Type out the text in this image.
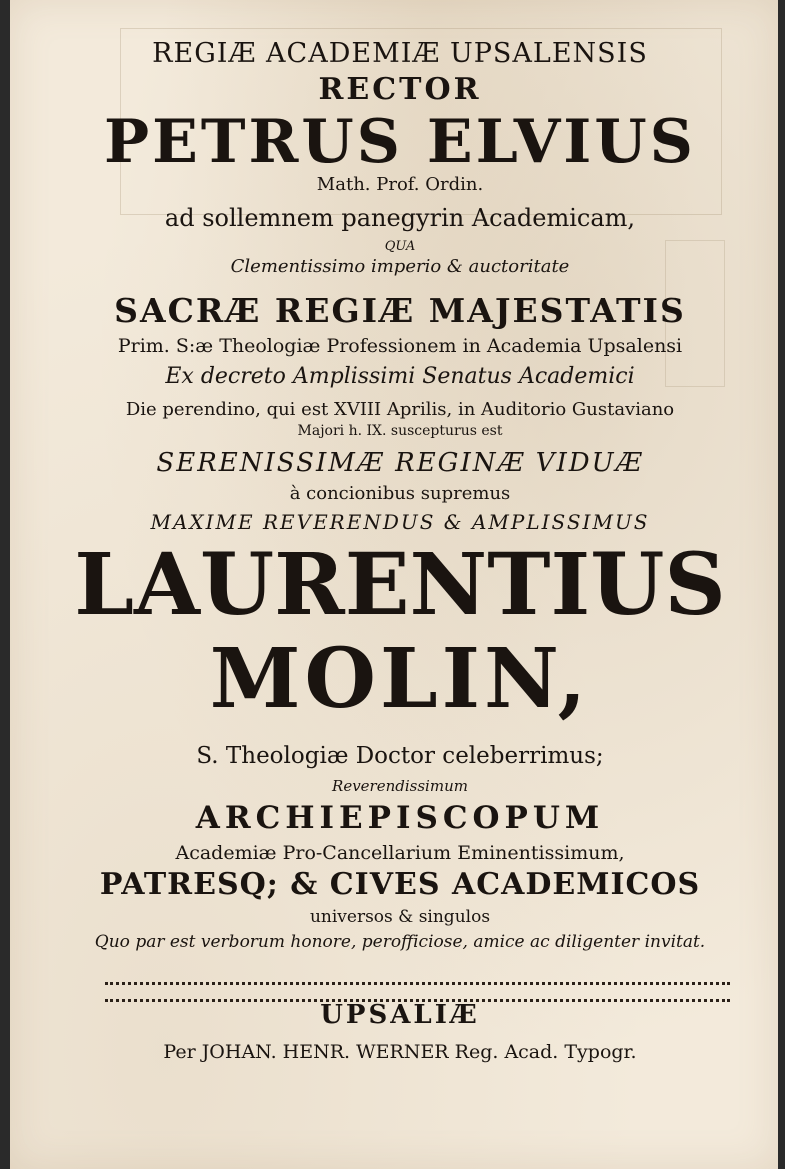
REGIÆ ACADEMIÆ UPSALENSIS

RECTOR

PETRUS ELVIUS

Math. Prof. Ordin.

ad sollemnem panegyrin Academicam,

QUA

Clementissimo imperio & auctoritate

SACRÆ REGIÆ MAJESTATIS

Prim. S:æ Theologiæ Professionem in Academia Upsalensi

Ex decreto Amplissimi Senatus Academici

Die perendino, qui est XVIII Aprilis, in Auditorio Gustaviano

Majori h. IX. suscepturus est

SERENISSIMÆ REGINÆ VIDUÆ

à concionibus supremus

MAXIME REVERENDUS & AMPLISSIMUS

LAURENTIUS

MOLIN,

S. Theologiæ Doctor celeberrimus;

Reverendissimum

ARCHIEPISCOPUM

Academiæ Pro-Cancellarium Eminentissimum,

PATRESQ; & CIVES ACADEMICOS

universos & singulos

Quo par est verborum honore, perofficiose, amice ac diligenter invitat.

UPSALIÆ

Per JOHAN. HENR. WERNER Reg. Acad. Typogr.
